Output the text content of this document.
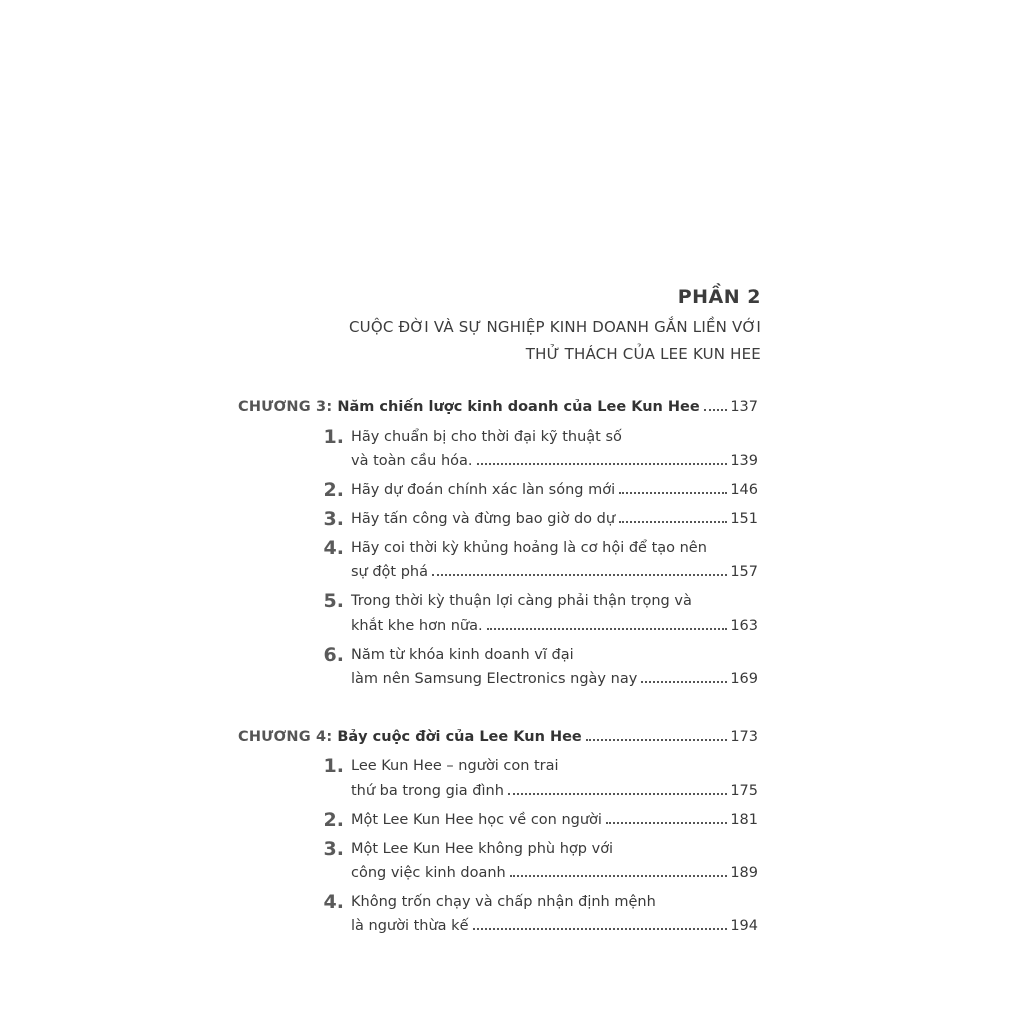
PHẦN 2
CUỘC ĐỜI VÀ SỰ NGHIỆP KINH DOANH GẮN LIỀN VỚI
THỬ THÁCH CỦA LEE KUN HEE
CHƯƠNG 3: Năm chiến lược kinh doanh của Lee Kun Hee 137
1. Hãy chuẩn bị cho thời đại kỹ thuật số
và toàn cầu hóa.	139
2. Hãy dự đoán chính xác làn sóng mới	146
3. Hãy tấn công và đừng bao giờ do dự	151
4. Hãy coi thời kỳ khủng hoảng là cơ hội để tạo nên
sự đột phá	157
5. Trong thời kỳ thuận lợi càng phải thận trọng và
khắt khe hơn nữa.	163
6. Năm từ khóa kinh doanh vĩ đại
làm nên Samsung Electronics ngày nay	169
CHƯƠNG 4: Bảy cuộc đời của Lee Kun Hee	173
1. Lee Kun Hee – người con trai
thứ ba trong gia đình	175
2. Một Lee Kun Hee học về con người	181
3. Một Lee Kun Hee không phù hợp với
công việc kinh doanh	189
4. Không trốn chạy và chấp nhận định mệnh
là người thừa kế	194
